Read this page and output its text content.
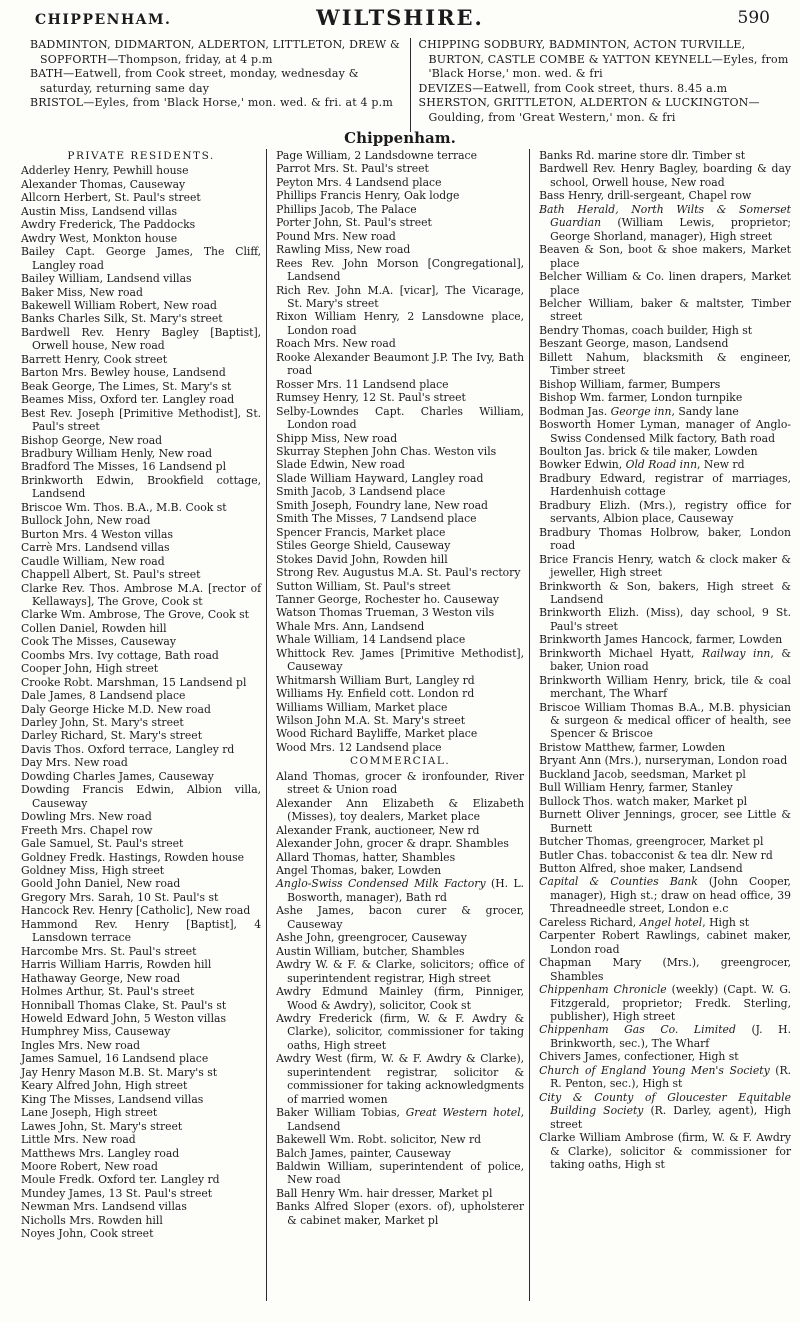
CHIPPENHAM.	WILTSHIRE.	590
BADMINTON, DIDMARTON, ALDERTON, LITTLETON, DREW & SOPFORTH—Thompson, friday, at 4 p.m
BATH—Eatwell, from Cook street, monday, wednesday & saturday, returning same day
BRISTOL—Eyles, from 'Black Horse,' mon. wed. & fri. at 4 p.m
CHIPPING SODBURY, BADMINTON, ACTON TURVILLE, BURTON, CASTLE COMBE & YATTON KEYNELL—Eyles, from 'Black Horse,' mon. wed. & fri
DEVIZES—Eatwell, from Cook street, thurs. 8.45 a.m
SHERSTON, GRITTLETON, ALDERTON & LUCKINGTON—Goulding, from 'Great Western,' mon. & fri
Chippenham.
PRIVATE RESIDENTS.
Adderley Henry, Pewhill house
Alexander Thomas, Causeway
Allcorn Herbert, St. Paul's street
Austin Miss, Landsend villas
Awdry Frederick, The Paddocks
Awdry West, Monkton house
Bailey Capt. George James, The Cliff, Langley road
Bailey William, Landsend villas
Baker Miss, New road
Bakewell William Robert, New road
Banks Charles Silk, St. Mary's street
Bardwell Rev. Henry Bagley [Baptist], Orwell house, New road
Barrett Henry, Cook street
Barton Mrs. Bewley house, Landsend
Beak George, The Limes, St. Mary's st
Beames Miss, Oxford ter. Langley road
Best Rev. Joseph [Primitive Methodist], St. Paul's street
Bishop George, New road
Bradbury William Henly, New road
Bradford The Misses, 16 Landsend pl
Brinkworth Edwin, Brookfield cottage, Landsend
Briscoe Wm. Thos. B.A., M.B. Cook st
Bullock John, New road
Burton Mrs. 4 Weston villas
Carrè Mrs. Landsend villas
Caudle William, New road
Chappell Albert, St. Paul's street
Clarke Rev. Thos. Ambrose M.A. [rector of Kellaways], The Grove, Cook st
Clarke Wm. Ambrose, The Grove, Cook st
Collen Daniel, Rowden hill
Cook The Misses, Causeway
Coombs Mrs. Ivy cottage, Bath road
Cooper John, High street
Crooke Robt. Marshman, 15 Landsend pl
Dale James, 8 Landsend place
Daly George Hicke M.D. New road
Darley John, St. Mary's street
Darley Richard, St. Mary's street
Davis Thos. Oxford terrace, Langley rd
Day Mrs. New road
Dowding Charles James, Causeway
Dowding Francis Edwin, Albion villa, Causeway
Dowling Mrs. New road
Freeth Mrs. Chapel row
Gale Samuel, St. Paul's street
Goldney Fredk. Hastings, Rowden house
Goldney Miss, High street
Goold John Daniel, New road
Gregory Mrs. Sarah, 10 St. Paul's st
Hancock Rev. Henry [Catholic], New road
Hammond Rev. Henry [Baptist], 4 Lansdown terrace
Harcombe Mrs. St. Paul's street
Harris William Harris, Rowden hill
Hathaway George, New road
Holmes Arthur, St. Paul's street
Honniball Thomas Clake, St. Paul's st
Howeld Edward John, 5 Weston villas
Humphrey Miss, Causeway
Ingles Mrs. New road
James Samuel, 16 Landsend place
Jay Henry Mason M.B. St. Mary's st
Keary Alfred John, High street
King The Misses, Landsend villas
Lane Joseph, High street
Lawes John, St. Mary's street
Little Mrs. New road
Matthews Mrs. Langley road
Moore Robert, New road
Moule Fredk. Oxford ter. Langley rd
Mundey James, 13 St. Paul's street
Newman Mrs. Landsend villas
Nicholls Mrs. Rowden hill
Noyes John, Cook street
Page William, 2 Landsdowne terrace
Parrot Mrs. St. Paul's street
Peyton Mrs. 4 Landsend place
Phillips Francis Henry, Oak lodge
Phillips Jacob, The Palace
Porter John, St. Paul's street
Pound Mrs. New road
Rawling Miss, New road
Rees Rev. John Morson [Congregational], Landsend
Rich Rev. John M.A. [vicar], The Vicarage, St. Mary's street
Rixon William Henry, 2 Lansdowne place, London road
Roach Mrs. New road
Rooke Alexander Beaumont J.P. The Ivy, Bath road
Rosser Mrs. 11 Landsend place
Rumsey Henry, 12 St. Paul's street
Selby-Lowndes Capt. Charles William, London road
Shipp Miss, New road
Skurray Stephen John Chas. Weston vils
Slade Edwin, New road
Slade William Hayward, Langley road
Smith Jacob, 3 Landsend place
Smith Joseph, Foundry lane, New road
Smith The Misses, 7 Landsend place
Spencer Francis, Market place
Stiles George Shield, Causeway
Stokes David John, Rowden hill
Strong Rev. Augustus M.A. St. Paul's rectory
Sutton William, St. Paul's street
Tanner George, Rochester ho. Causeway
Watson Thomas Trueman, 3 Weston vils
Whale Mrs. Ann, Landsend
Whale William, 14 Landsend place
Whittock Rev. James [Primitive Methodist], Causeway
Whitmarsh William Burt, Langley rd
Williams Hy. Enfield cott. London rd
Williams William, Market place
Wilson John M.A. St. Mary's street
Wood Richard Bayliffe, Market place
Wood Mrs. 12 Landsend place
COMMERCIAL.
Aland Thomas, grocer & ironfounder, River street & Union road
Alexander Ann Elizabeth & Elizabeth (Misses), toy dealers, Market place
Alexander Frank, auctioneer, New rd
Alexander John, grocer & drapr. Shambles
Allard Thomas, hatter, Shambles
Angel Thomas, baker, Lowden
Anglo-Swiss Condensed Milk Factory (H. L. Bosworth, manager), Bath rd
Ashe James, bacon curer & grocer, Causeway
Ashe John, greengrocer, Causeway
Austin William, butcher, Shambles
Awdry W. & F. & Clarke, solicitors; office of superintendent registrar, High street
Awdry Edmund Mainley (firm, Pinniger, Wood & Awdry), solicitor, Cook st
Awdry Frederick (firm, W. & F. Awdry & Clarke), solicitor, commissioner for taking oaths, High street
Awdry West (firm, W. & F. Awdry & Clarke), superintendent registrar, solicitor & commissioner for taking acknowledgments of married women
Baker William Tobias, Great Western hotel, Landsend
Bakewell Wm. Robt. solicitor, New rd
Balch James, painter, Causeway
Baldwin William, superintendent of police, New road
Ball Henry Wm. hair dresser, Market pl
Banks Alfred Sloper (exors. of), upholsterer & cabinet maker, Market pl
Banks Rd. marine store dlr. Timber st
Bardwell Rev. Henry Bagley, boarding & day school, Orwell house, New road
Bass Henry, drill-sergeant, Chapel row
Bath Herald, North Wilts & Somerset Guardian (William Lewis, proprietor; George Shorland, manager), High street
Beaven & Son, boot & shoe makers, Market place
Belcher William & Co. linen drapers, Market place
Belcher William, baker & maltster, Timber street
Bendry Thomas, coach builder, High st
Beszant George, mason, Landsend
Billett Nahum, blacksmith & engineer, Timber street
Bishop William, farmer, Bumpers
Bishop Wm. farmer, London turnpike
Bodman Jas. George inn, Sandy lane
Bosworth Homer Lyman, manager of Anglo-Swiss Condensed Milk factory, Bath road
Boulton Jas. brick & tile maker, Lowden
Bowker Edwin, Old Road inn, New rd
Bradbury Edward, registrar of marriages, Hardenhuish cottage
Bradbury Elizh. (Mrs.), registry office for servants, Albion place, Causeway
Bradbury Thomas Holbrow, baker, London road
Brice Francis Henry, watch & clock maker & jeweller, High street
Brinkworth & Son, bakers, High street & Landsend
Brinkworth Elizh. (Miss), day school, 9 St. Paul's street
Brinkworth James Hancock, farmer, Lowden
Brinkworth Michael Hyatt, Railway inn, & baker, Union road
Brinkworth William Henry, brick, tile & coal merchant, The Wharf
Briscoe William Thomas B.A., M.B. physician & surgeon & medical officer of health, see Spencer & Briscoe
Bristow Matthew, farmer, Lowden
Bryant Ann (Mrs.), nurseryman, London road
Buckland Jacob, seedsman, Market pl
Bull William Henry, farmer, Stanley
Bullock Thos. watch maker, Market pl
Burnett Oliver Jennings, grocer, see Little & Burnett
Butcher Thomas, greengrocer, Market pl
Butler Chas. tobacconist & tea dlr. New rd
Button Alfred, shoe maker, Landsend
Capital & Counties Bank (John Cooper, manager), High st.; draw on head office, 39 Threadneedle street, London e.c
Careless Richard, Angel hotel, High st
Carpenter Robert Rawlings, cabinet maker, London road
Chapman Mary (Mrs.), greengrocer, Shambles
Chippenham Chronicle (weekly) (Capt. W. G. Fitzgerald, proprietor; Fredk. Sterling, publisher), High street
Chippenham Gas Co. Limited (J. H. Brinkworth, sec.), The Wharf
Chivers James, confectioner, High st
Church of England Young Men's Society (R. R. Penton, sec.), High st
City & County of Gloucester Equitable Building Society (R. Darley, agent), High street
Clarke William Ambrose (firm, W. & F. Awdry & Clarke), solicitor & commissioner for taking oaths, High st
